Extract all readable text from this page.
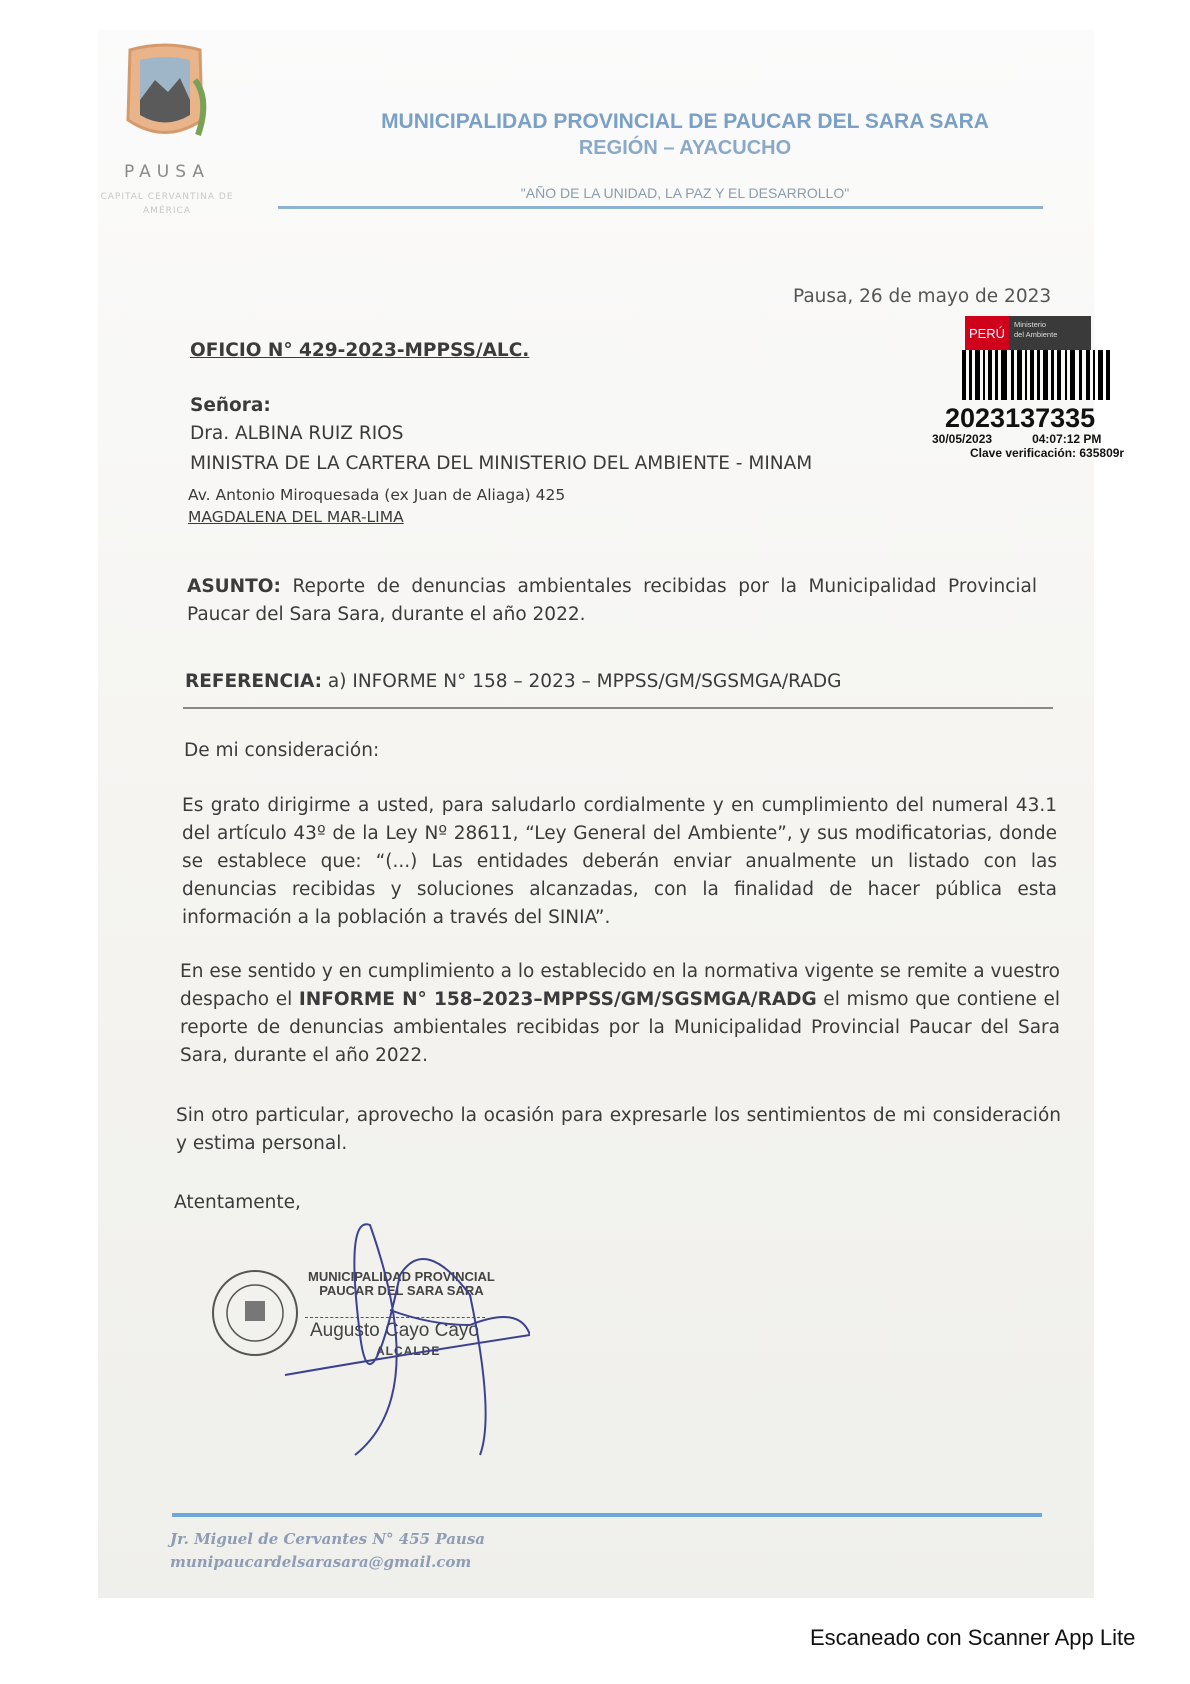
PAUSA
CAPITAL CERVANTINA DE AMÉRICA
MUNICIPALIDAD PROVINCIAL DE PAUCAR DEL SARA SARA
REGIÓN – AYACUCHO
"AÑO DE LA UNIDAD, LA PAZ Y EL DESARROLLO"
Pausa, 26 de mayo de 2023
PERÚ
Ministerio
del Ambiente
2023137335
30/05/2023	04:07:12 PM
Clave verificación: 635809r
OFICIO N° 429-2023-MPPSS/ALC.
Señora:
Dra. ALBINA RUIZ RIOS
MINISTRA DE LA CARTERA DEL MINISTERIO DEL AMBIENTE - MINAM
Av. Antonio Miroquesada (ex Juan de Aliaga) 425
MAGDALENA DEL MAR-LIMA
ASUNTO: Reporte de denuncias ambientales recibidas por la Municipalidad Provincial Paucar del Sara Sara, durante el año 2022.
REFERENCIA: a) INFORME N° 158 – 2023 – MPPSS/GM/SGSMGA/RADG
De mi consideración:
Es grato dirigirme a usted, para saludarlo cordialmente y en cumplimiento del numeral 43.1 del artículo 43º de la Ley Nº 28611, “Ley General del Ambiente”, y sus modificatorias, donde se establece que: “(...) Las entidades deberán enviar anualmente un listado con las denuncias recibidas y soluciones alcanzadas, con la finalidad de hacer pública esta información a la población a través del SINIA”.
En ese sentido y en cumplimiento a lo establecido en la normativa vigente se remite a vuestro despacho el INFORME N° 158–2023–MPPSS/GM/SGSMGA/RADG el mismo que contiene el reporte de denuncias ambientales recibidas por la Municipalidad Provincial Paucar del Sara Sara, durante el año 2022.
Sin otro particular, aprovecho la ocasión para expresarle los sentimientos de mi consideración y estima personal.
Atentamente,
MUNICIPALIDAD PROVINCIAL
PAUCAR DEL SARA SARA
Augusto Cayo Cayo
ALCALDE
Jr. Miguel de Cervantes N° 455 Pausa
munipaucardelsarasara@gmail.com
Escaneado con Scanner App Lite
